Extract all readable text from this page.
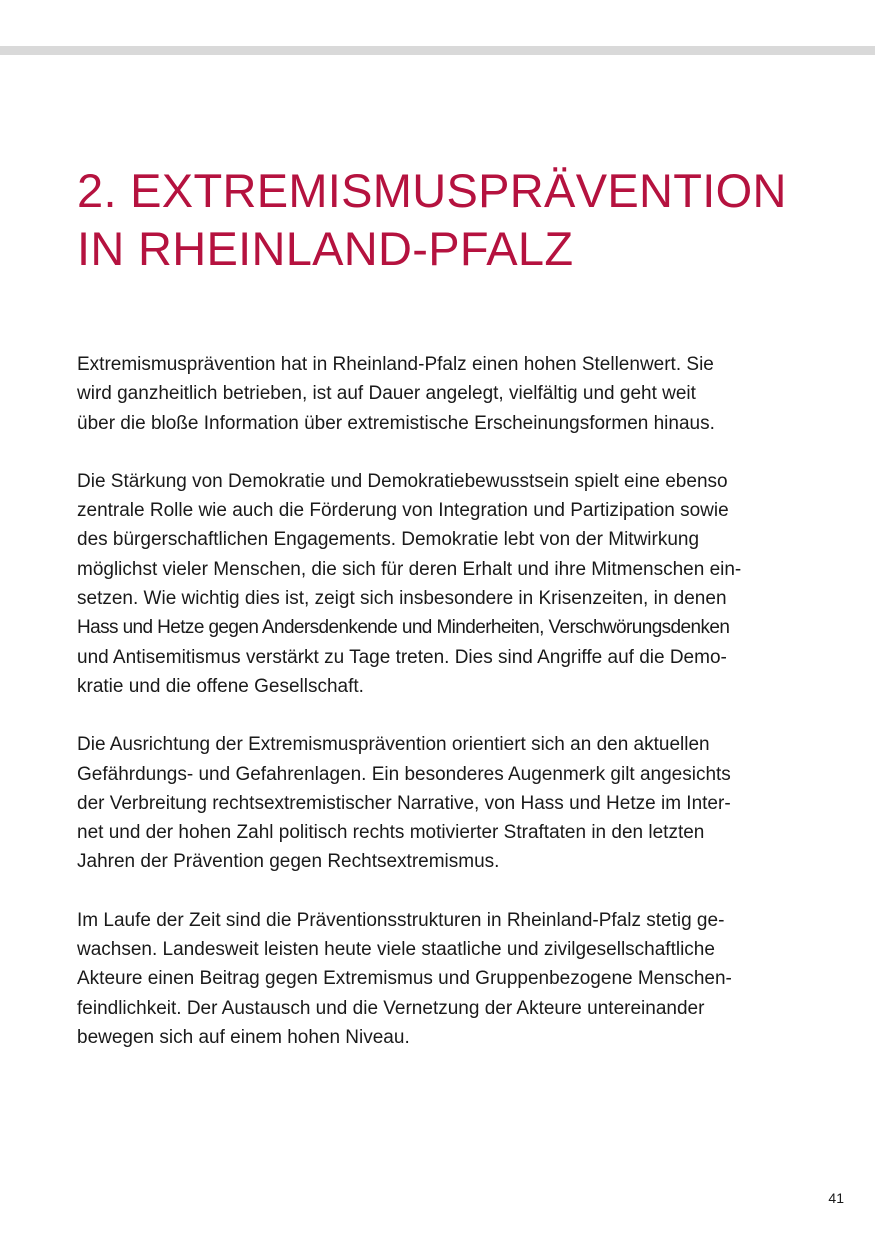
2. EXTREMISMUSPRÄVENTION
IN RHEINLAND-PFALZ

Extremismusprävention hat in Rheinland-Pfalz einen hohen Stellenwert. Sie
wird ganzheitlich betrieben, ist auf Dauer angelegt, vielfältig und geht weit
über die bloße Information über extremistische Erscheinungsformen hinaus.

Die Stärkung von Demokratie und Demokratiebewusstsein spielt eine ebenso
zentrale Rolle wie auch die Förderung von Integration und Partizipation sowie
des bürgerschaftlichen Engagements. Demokratie lebt von der Mitwirkung
möglichst vieler Menschen, die sich für deren Erhalt und ihre Mitmenschen ein-
setzen. Wie wichtig dies ist, zeigt sich insbesondere in Krisenzeiten, in denen
Hass und Hetze gegen Andersdenkende und Minderheiten, Verschwörungsdenken
und Antisemitismus verstärkt zu Tage treten. Dies sind Angriffe auf die Demo-
kratie und die offene Gesellschaft.

Die Ausrichtung der Extremismusprävention orientiert sich an den aktuellen
Gefährdungs- und Gefahrenlagen. Ein besonderes Augenmerk gilt angesichts
der Verbreitung rechtsextremistischer Narrative, von Hass und Hetze im Inter-
net und der hohen Zahl politisch rechts motivierter Straftaten in den letzten
Jahren der Prävention gegen Rechtsextremismus.

Im Laufe der Zeit sind die Präventionsstrukturen in Rheinland-Pfalz stetig ge-
wachsen. Landesweit leisten heute viele staatliche und zivilgesellschaftliche
Akteure einen Beitrag gegen Extremismus und Gruppenbezogene Menschen-
feindlichkeit. Der Austausch und die Vernetzung der Akteure untereinander
bewegen sich auf einem hohen Niveau.

41
